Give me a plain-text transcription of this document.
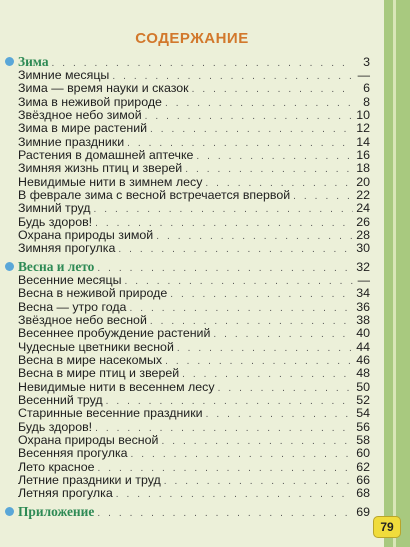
СОДЕРЖАНИЕ
Зима . . .	3
Зимние месяцы . . .	—
Зима — время науки и сказок . . .	6
Зима в неживой природе . . .	8
Звёздное небо зимой . . .	10
Зима в мире растений . . .	12
Зимние праздники . . .	14
Растения в домашней аптечке . . .	16
Зимняя жизнь птиц и зверей . . .	18
Невидимые нити в зимнем лесу . . .	20
В феврале зима с весной встречается впервой . . .	22
Зимний труд . . .	24
Будь здоров! . . .	26
Охрана природы зимой . . .	28
Зимняя прогулка . . .	30
Весна и лето . . .	32
Весенние месяцы . . .	—
Весна в неживой природе . . .	34
Весна — утро года . . .	36
Звёздное небо весной . . .	38
Весеннее пробуждение растений . . .	40
Чудесные цветники весной . . .	44
Весна в мире насекомых . . .	46
Весна в мире птиц и зверей . . .	48
Невидимые нити в весеннем лесу . . .	50
Весенний труд . . .	52
Старинные весенние праздники . . .	54
Будь здоров! . . .	56
Охрана природы весной . . .	58
Весенняя прогулка . . .	60
Лето красное . . .	62
Летние праздники и труд . . .	66
Летняя прогулка . . .	68
Приложение . . .	69
79
